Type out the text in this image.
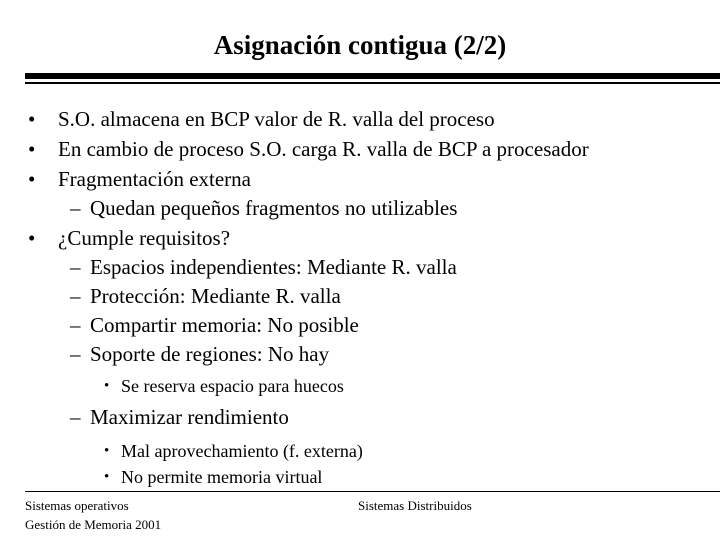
Asignación contigua (2/2)
• S.O. almacena en BCP valor de R. valla del proceso
• En cambio de proceso S.O. carga R. valla de BCP a procesador
• Fragmentación externa
– Quedan pequeños fragmentos no utilizables
• ¿Cumple requisitos?
– Espacios independientes: Mediante R. valla
– Protección: Mediante R. valla
– Compartir memoria: No posible
– Soporte de regiones: No hay
• Se reserva espacio para huecos
– Maximizar rendimiento
• Mal aprovechamiento (f. externa)
• No permite memoria virtual
Sistemas operativos
Gestión de Memoria 2001
Sistemas Distribuidos
